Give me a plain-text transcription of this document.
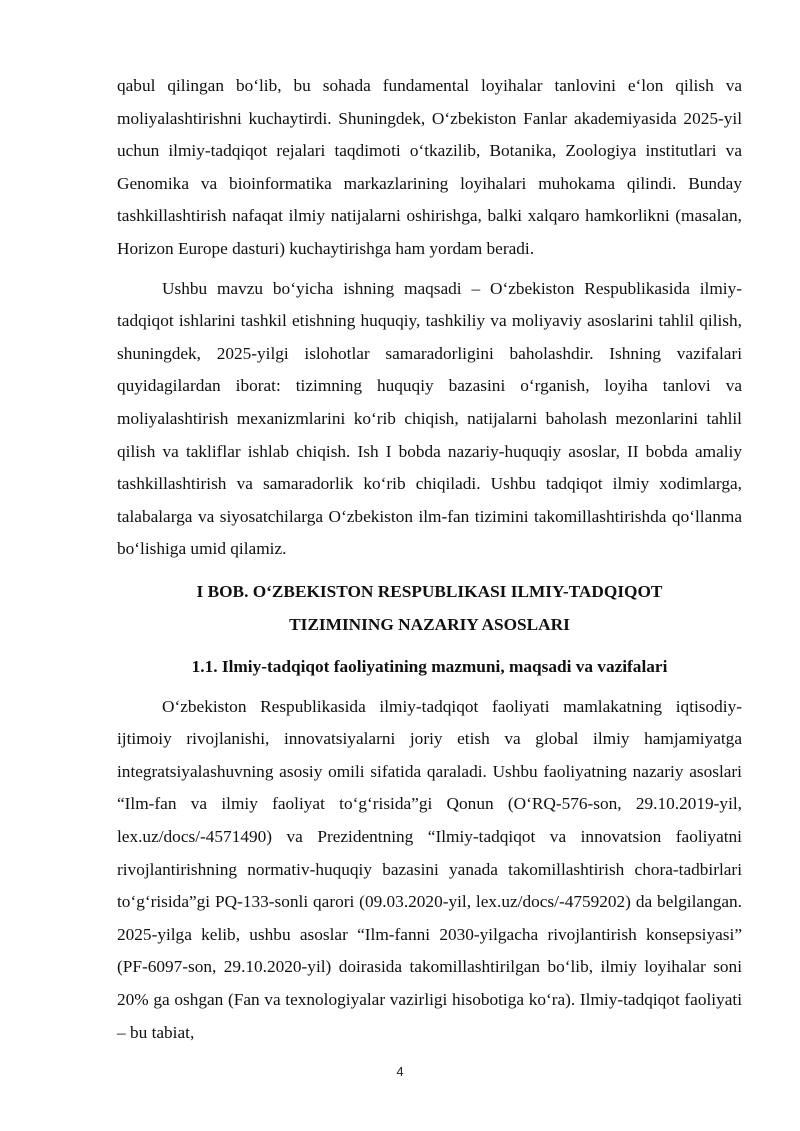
qabul qilingan bo‘lib, bu sohada fundamental loyihalar tanlovini e‘lon qilish va moliyalashtirishni kuchaytirdi. Shuningdek, O‘zbekiston Fanlar akademiyasida 2025-yil uchun ilmiy-tadqiqot rejalari taqdimoti o‘tkazilib, Botanika, Zoologiya institutlari va Genomika va bioinformatika markazlarining loyihalari muhokama qilindi. Bunday tashkillashtirish nafaqat ilmiy natijalarni oshirishga, balki xalqaro hamkorlikni (masalan, Horizon Europe dasturi) kuchaytirishga ham yordam beradi.

Ushbu mavzu bo‘yicha ishning maqsadi – O‘zbekiston Respublikasida ilmiy-tadqiqot ishlarini tashkil etishning huquqiy, tashkiliy va moliyaviy asoslarini tahlil qilish, shuningdek, 2025-yilgi islohotlar samaradorligini baholashdir. Ishning vazifalari quyidagilardan iborat: tizimning huquqiy bazasini o‘rganish, loyiha tanlovi va moliyalashtirish mexanizmlarini ko‘rib chiqish, natijalarni baholash mezonlarini tahlil qilish va takliflar ishlab chiqish. Ish I bobda nazariy-huquqiy asoslar, II bobda amaliy tashkillashtirish va samaradorlik ko‘rib chiqiladi. Ushbu tadqiqot ilmiy xodimlarga, talabalarga va siyosatchilarga O‘zbekiston ilm-fan tizimini takomillashtirishda qo‘llanma bo‘lishiga umid qilamiz.

I BOB. O‘ZBEKISTON RESPUBLIKASI ILMIY-TADQIQOT
TIZIMINING NAZARIY ASOSLARI
1.1. Ilmiy-tadqiqot faoliyatining mazmuni, maqsadi va vazifalari

O‘zbekiston Respublikasida ilmiy-tadqiqot faoliyati mamlakatning iqtisodiy-ijtimoiy rivojlanishi, innovatsiyalarni joriy etish va global ilmiy hamjamiyatga integratsiyalashuvning asosiy omili sifatida qaraladi. Ushbu faoliyatning nazariy asoslari “Ilm-fan va ilmiy faoliyat to‘g‘risida”gi Qonun (O‘RQ-576-son, 29.10.2019-yil, lex.uz/docs/-4571490) va Prezidentning “Ilmiy-tadqiqot va innovatsion faoliyatni rivojlantirishning normativ-huquqiy bazasini yanada takomillashtirish chora-tadbirlari to‘g‘risida”gi PQ-133-sonli qarori (09.03.2020-yil, lex.uz/docs/-4759202) da belgilangan. 2025-yilga kelib, ushbu asoslar “Ilm-fanni 2030-yilgacha rivojlantirish konsepsiyasi” (PF-6097-son, 29.10.2020-yil) doirasida takomillashtirilgan bo‘lib, ilmiy loyihalar soni 20% ga oshgan (Fan va texnologiyalar vazirligi hisobotiga ko‘ra). Ilmiy-tadqiqot faoliyati – bu tabiat,

4
